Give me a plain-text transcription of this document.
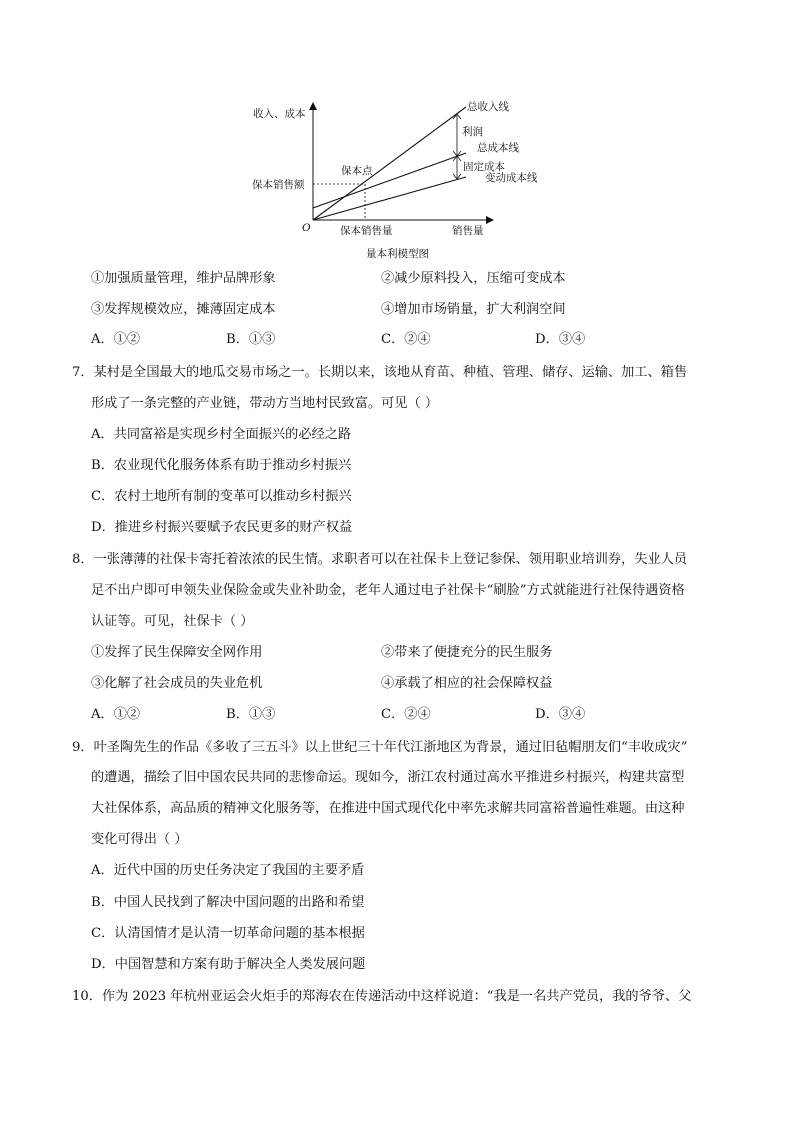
收入、成本
O
保本销售额
保本点
保本销售量	销售量
总收入线
利润
总成本线
固定成本
变动成本线
量本利模型图
①加强质量管理，维护品牌形象	②减少原料投入，压缩可变成本
③发挥规模效应，摊薄固定成本	④增加市场销量，扩大利润空间
A．①②	B．①③	C．②④	D．③④
7．某村是全国最大的地瓜交易市场之一。长期以来，该地从育苗、种植、管理、储存、运输、加工、箱售
形成了一条完整的产业链，带动方当地村民致富。可见（ ）
A．共同富裕是实现乡村全面振兴的必经之路
B．农业现代化服务体系有助于推动乡村振兴
C．农村土地所有制的变革可以推动乡村振兴
D．推进乡村振兴要赋予农民更多的财产权益
8．一张薄薄的社保卡寄托着浓浓的民生情。求职者可以在社保卡上登记参保、领用职业培训券，失业人员
足不出户即可申领失业保险金或失业补助金，老年人通过电子社保卡“刷脸”方式就能进行社保待遇资格
认证等。可见，社保卡（ ）
①发挥了民生保障安全网作用	②带来了便捷充分的民生服务
③化解了社会成员的失业危机	④承载了相应的社会保障权益
A．①②	B．①③	C．②④	D．③④
9．叶圣陶先生的作品《多收了三五斗》以上世纪三十年代江浙地区为背景，通过旧毡帽朋友们“丰收成灾”
的遭遇，描绘了旧中国农民共同的悲惨命运。现如今，浙江农村通过高水平推进乡村振兴，构建共富型
大社保体系，高品质的精神文化服务等，在推进中国式现代化中率先求解共同富裕普遍性难题。由这种
变化可得出（ ）
A．近代中国的历史任务决定了我国的主要矛盾
B．中国人民找到了解决中国问题的出路和希望
C．认清国情才是认清一切革命问题的基本根据
D．中国智慧和方案有助于解决全人类发展问题
10．作为 2023 年杭州亚运会火炬手的郑海农在传递活动中这样说道：“我是一名共产党员，我的爷爷、父
